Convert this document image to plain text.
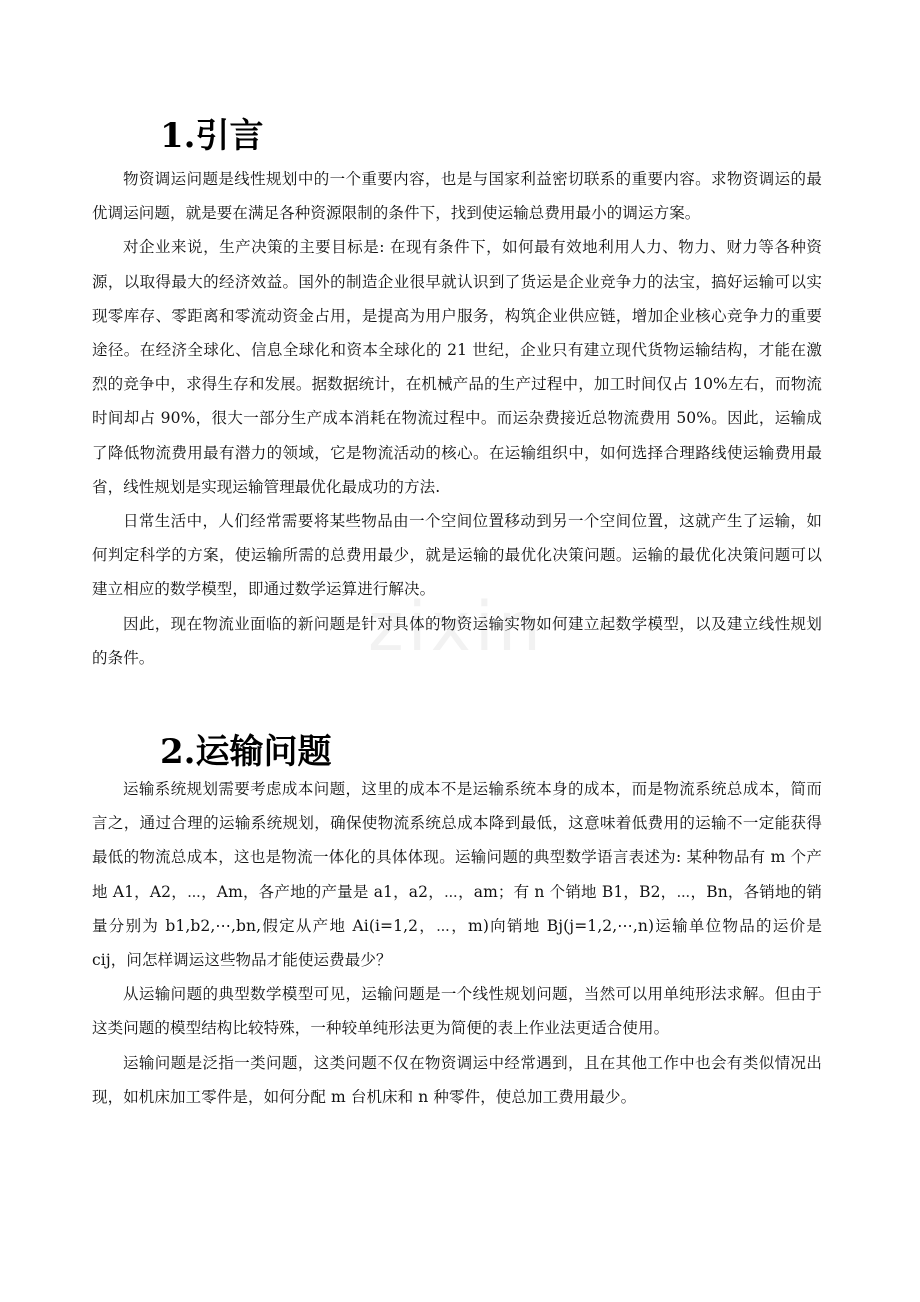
zixin
1.引言

物资调运问题是线性规划中的一个重要内容，也是与国家利益密切联系的重要内容。求物资调运的最优调运问题，就是要在满足各种资源限制的条件下，找到使运输总费用最小的调运方案。

对企业来说，生产决策的主要目标是: 在现有条件下，如何最有效地利用人力、物力、财力等各种资源，以取得最大的经济效益。国外的制造企业很早就认识到了货运是企业竞争力的法宝，搞好运输可以实现零库存、零距离和零流动资金占用，是提高为用户服务，构筑企业供应链，增加企业核心竞争力的重要途径。在经济全球化、信息全球化和资本全球化的 21 世纪，企业只有建立现代货物运输结构，才能在激烈的竞争中，求得生存和发展。据数据统计，在机械产品的生产过程中，加工时间仅占 10%左右，而物流时间却占 90%，很大一部分生产成本消耗在物流过程中。而运杂费接近总物流费用 50%。因此，运输成了降低物流费用最有潜力的领域，它是物流活动的核心。在运输组织中，如何选择合理路线使运输费用最省，线性规划是实现运输管理最优化最成功的方法.

日常生活中，人们经常需要将某些物品由一个空间位置移动到另一个空间位置，这就产生了运输，如何判定科学的方案，使运输所需的总费用最少，就是运输的最优化决策问题。运输的最优化决策问题可以建立相应的数学模型，即通过数学运算进行解决。

因此，现在物流业面临的新问题是针对具体的物资运输实物如何建立起数学模型，以及建立线性规划的条件。

2.运输问题

运输系统规划需要考虑成本问题，这里的成本不是运输系统本身的成本，而是物流系统总成本，简而言之，通过合理的运输系统规划，确保使物流系统总成本降到最低，这意味着低费用的运输不一定能获得最低的物流总成本，这也是物流一体化的具体体现。运输问题的典型数学语言表述为: 某种物品有 m 个产地 A1，A2，⋯，Am，各产地的产量是 a1，a2，⋯，am；有 n 个销地 B1，B2，⋯，Bn，各销地的销量分别为 b1,b2,⋯,bn,假定从产地 Ai(i=1,2，⋯，m)向销地 Bj(j=1,2,⋯,n)运输单位物品的运价是 cij，问怎样调运这些物品才能使运费最少？

从运输问题的典型数学模型可见，运输问题是一个线性规划问题，当然可以用单纯形法求解。但由于这类问题的模型结构比较特殊，一种较单纯形法更为简便的表上作业法更适合使用。

运输问题是泛指一类问题，这类问题不仅在物资调运中经常遇到，且在其他工作中也会有类似情况出现，如机床加工零件是，如何分配 m 台机床和 n 种零件，使总加工费用最少。
